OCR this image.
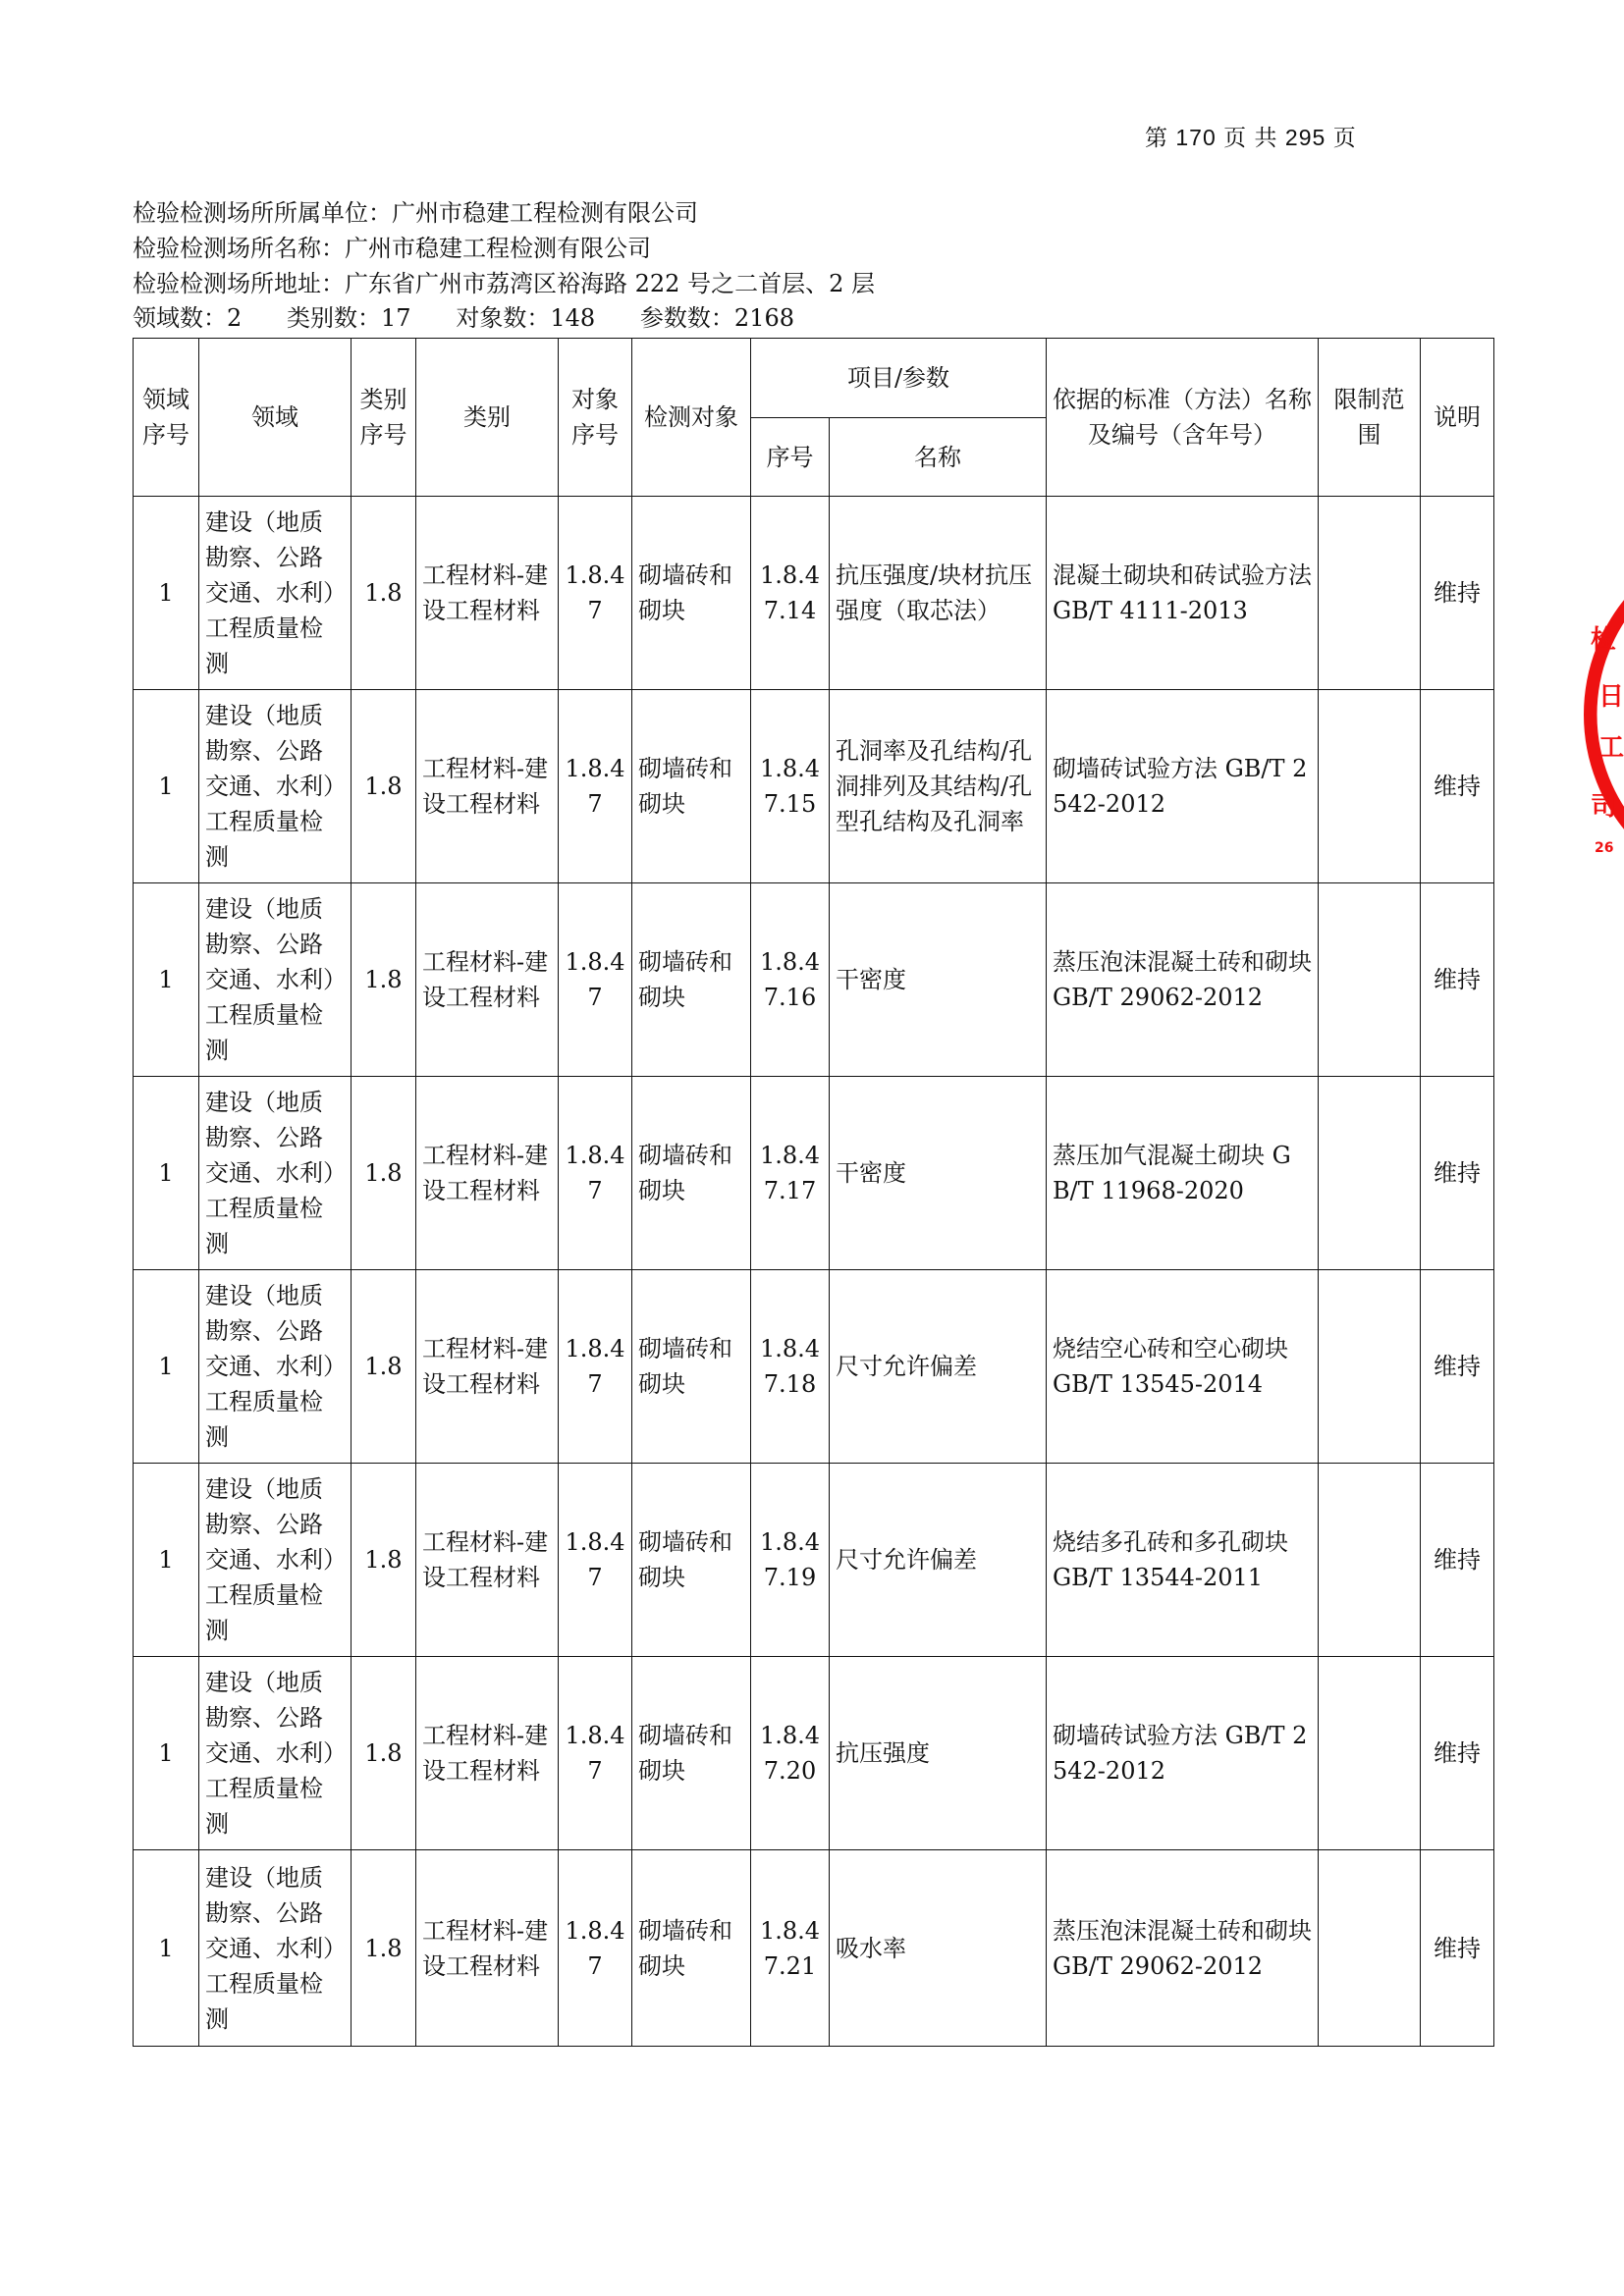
第 170 页 共 295 页
检验检测场所所属单位：广州市稳建工程检测有限公司
检验检测场所名称：广州市稳建工程检测有限公司
检验检测场所地址：广东省广州市荔湾区裕海路 222 号之二首层、2 层
领域数：2      类别数：17      对象数：148      参数数：2168
领域序号	领域	类别序号	类别	对象序号	检测对象	项目/参数		依据的标准（方法）名称及编号（含年号）	限制范围	说明
						序号	名称			
1	建设（地质勘察、公路交通、水利）工程质量检测	1.8	工程材料-建设工程材料	1.8.47	砌墙砖和砌块	1.8.47.14	抗压强度/块材抗压强度（取芯法）	混凝土砌块和砖试验方法 GB/T 4111-2013		维持
1	建设（地质勘察、公路交通、水利）工程质量检测	1.8	工程材料-建设工程材料	1.8.47	砌墙砖和砌块	1.8.47.15	孔洞率及孔结构/孔洞排列及其结构/孔型孔结构及孔洞率	砌墙砖试验方法 GB/T 2542-2012		维持
1	建设（地质勘察、公路交通、水利）工程质量检测	1.8	工程材料-建设工程材料	1.8.47	砌墙砖和砌块	1.8.47.16	干密度	蒸压泡沫混凝土砖和砌块 GB/T 29062-2012		维持
1	建设（地质勘察、公路交通、水利）工程质量检测	1.8	工程材料-建设工程材料	1.8.47	砌墙砖和砌块	1.8.47.17	干密度	蒸压加气混凝土砌块 GB/T 11968-2020		维持
1	建设（地质勘察、公路交通、水利）工程质量检测	1.8	工程材料-建设工程材料	1.8.47	砌墙砖和砌块	1.8.47.18	尺寸允许偏差	烧结空心砖和空心砌块 GB/T 13545-2014		维持
1	建设（地质勘察、公路交通、水利）工程质量检测	1.8	工程材料-建设工程材料	1.8.47	砌墙砖和砌块	1.8.47.19	尺寸允许偏差	烧结多孔砖和多孔砌块 GB/T 13544-2011		维持
1	建设（地质勘察、公路交通、水利）工程质量检测	1.8	工程材料-建设工程材料	1.8.47	砌墙砖和砌块	1.8.47.20	抗压强度	砌墙砖试验方法 GB/T 2542-2012		维持
1	建设（地质勘察、公路交通、水利）工程质量检测	1.8	工程材料-建设工程材料	1.8.47	砌墙砖和砌块	1.8.47.21	吸水率	蒸压泡沫混凝土砖和砌块 GB/T 29062-2012		维持
检
日
工
司
26
